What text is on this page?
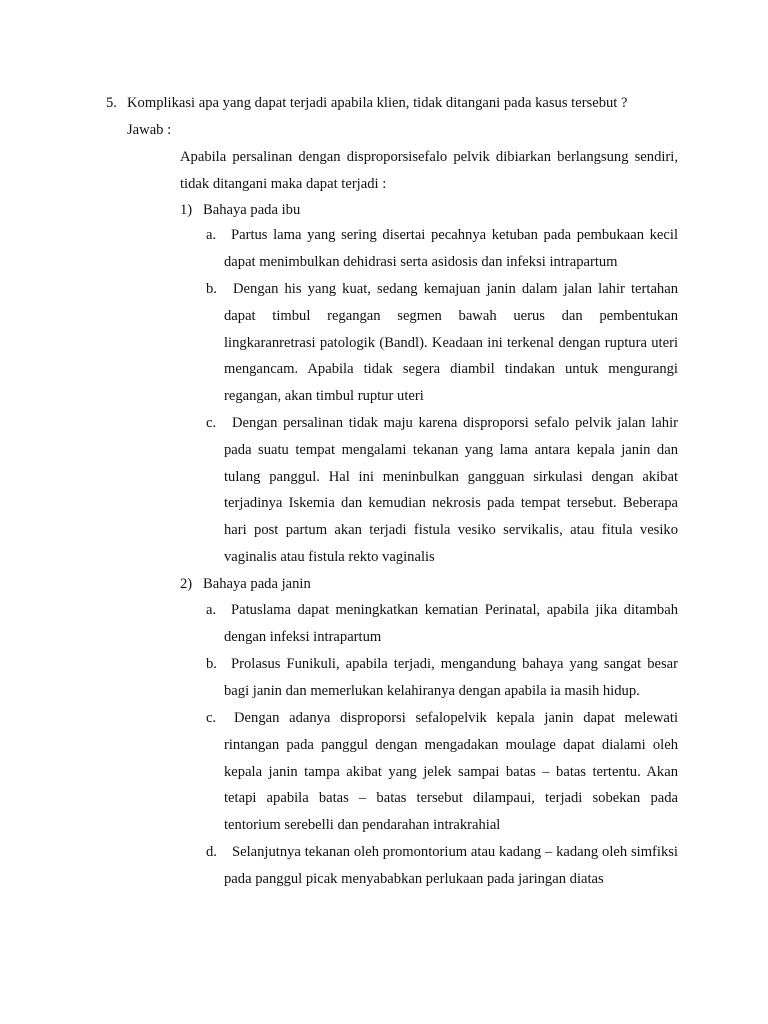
5. Komplikasi apa yang dapat terjadi apabila klien, tidak ditangani pada kasus tersebut ?
Jawab :
Apabila persalinan dengan disproporsisefalo pelvik dibiarkan berlangsung sendiri, tidak ditangani maka dapat terjadi :
1) Bahaya pada ibu
a.	Partus lama yang sering disertai pecahnya ketuban pada pembukaan kecil dapat menimbulkan dehidrasi serta asidosis dan infeksi intrapartum
b.	Dengan his yang kuat, sedang kemajuan janin dalam jalan lahir tertahan dapat timbul regangan segmen bawah uerus dan pembentukan lingkaranretrasi patologik (Bandl). Keadaan ini terkenal dengan ruptura uteri mengancam. Apabila tidak segera diambil tindakan untuk mengurangi regangan, akan timbul ruptur uteri
c.	Dengan persalinan tidak maju karena disproporsi sefalo pelvik jalan lahir pada suatu tempat mengalami tekanan yang lama antara kepala janin dan tulang panggul. Hal ini meninbulkan gangguan sirkulasi dengan akibat terjadinya Iskemia dan kemudian nekrosis pada tempat tersebut. Beberapa hari post partum akan terjadi fistula vesiko servikalis, atau fitula vesiko vaginalis atau fistula rekto vaginalis
2) Bahaya pada janin
a.	Patuslama dapat meningkatkan kematian Perinatal, apabila jika ditambah dengan infeksi intrapartum
b. Prolasus Funikuli, apabila terjadi, mengandung bahaya yang sangat besar bagi janin dan memerlukan kelahiranya dengan apabila ia masih hidup.
c.	Dengan adanya disproporsi sefalopelvik kepala janin dapat melewati rintangan pada panggul dengan mengadakan moulage dapat dialami oleh kepala janin tampa akibat yang jelek sampai batas – batas tertentu. Akan tetapi apabila batas – batas tersebut dilampaui, terjadi sobekan pada tentorium serebelli dan pendarahan intrakrahial
d.	Selanjutnya tekanan oleh promontorium atau kadang – kadang oleh simfiksi pada panggul picak menyababkan perlukaan pada jaringan diatas
